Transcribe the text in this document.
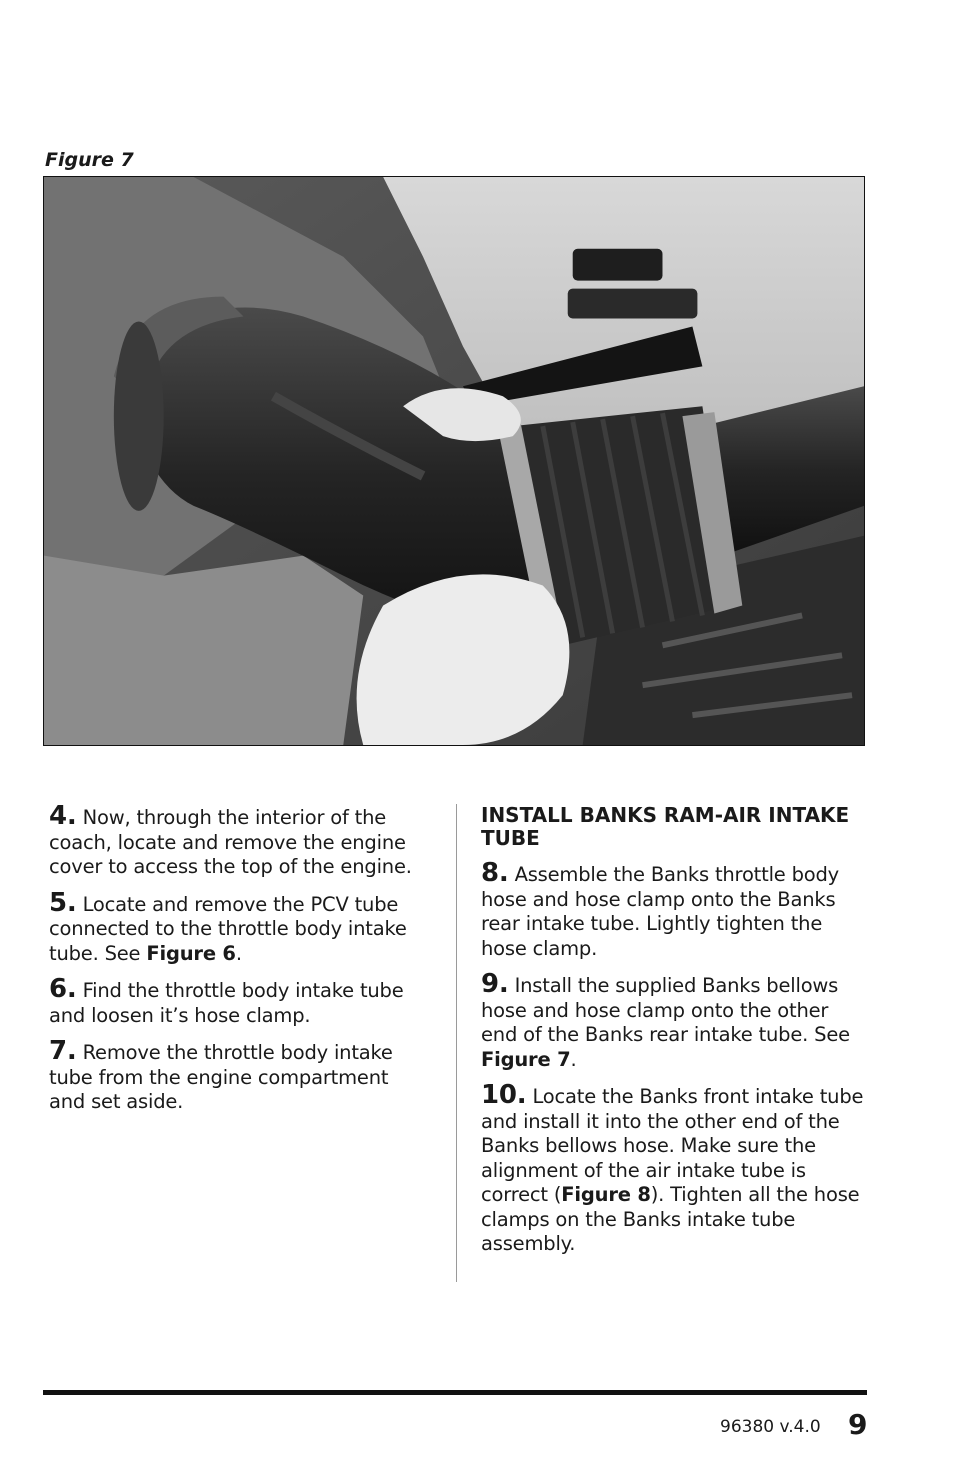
Figure 7

4. Now, through the interior of the coach, locate and remove the engine cover to access the top of the engine.

5. Locate and remove the PCV tube connected to the throttle body intake tube. See Figure 6.

6. Find the throttle body intake tube and loosen it’s hose clamp.

7. Remove the throttle body intake tube from the engine compartment and set aside.

INSTALL BANKS RAM-AIR INTAKE TUBE

8. Assemble the Banks throttle body hose and hose clamp onto the Banks rear intake tube. Lightly tighten the hose clamp.

9. Install the supplied Banks bellows hose and hose clamp onto the other end of the Banks rear intake tube. See Figure 7.

10. Locate the Banks front intake tube and install it into the other end of the Banks bellows hose. Make sure the alignment of the air intake tube is correct (Figure 8). Tighten all the hose clamps on the Banks intake tube assembly.

96380 v.4.0 9
